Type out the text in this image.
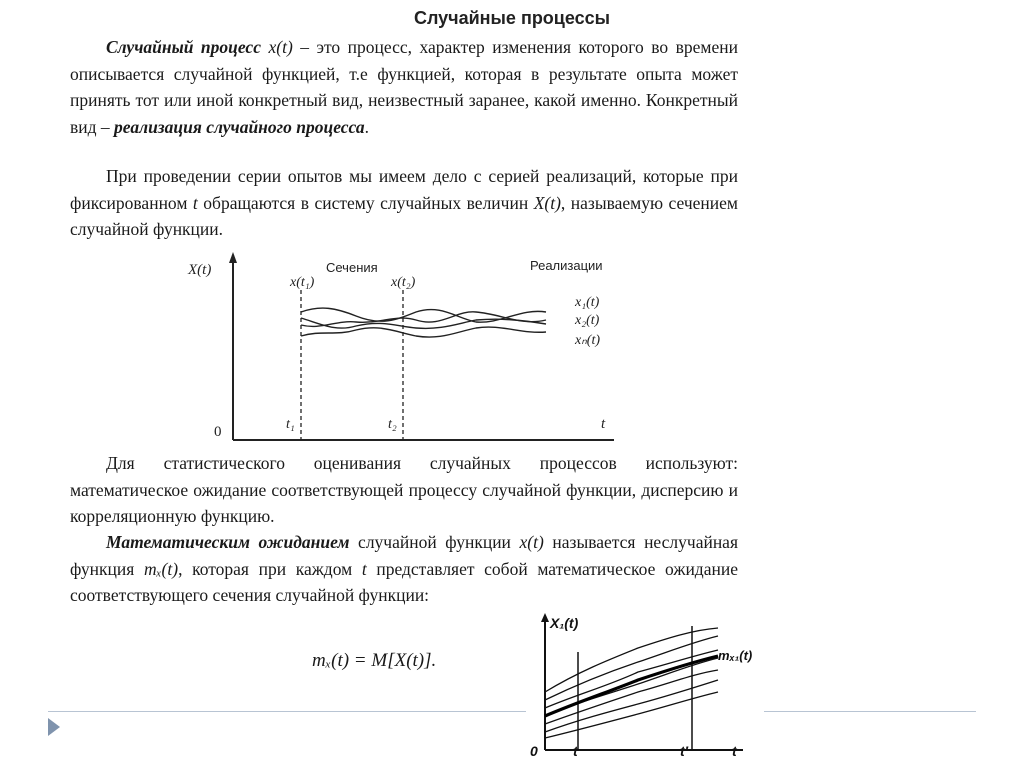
Случайные процессы

Случайный процесс x(t) – это процесс, характер изменения которого во времени описывается случайной функцией, т.е функцией, которая в результате опыта может принять тот или иной конкретный вид, неизвестный заранее, какой именно. Конкретный вид – реализация случайного процесса.

При проведении серии опытов мы имеем дело с серией реализаций, которые при фиксированном t обращаются в систему случайных величин X(t), называемую сечением случайной функции.

X(t)
0	t
Сечения	Реализации
x(t₁)	x(t₂)
t₁	t₂
x₁(t)
x₂(t)
xₙ(t)

Для статистического оценивания случайных процессов используют: математическое ожидание соответствующей процессу случайной функции, дисперсию и корреляционную функцию.

Математическим ожиданием случайной функции x(t) называется неслучайная функция mₓ(t), которая при каждом t представляет собой математическое ожидание соответствующего сечения случайной функции:

mₓ(t) = M[X(t)].
X₁(t)
mₓ₁(t)
0	t	t′	t
